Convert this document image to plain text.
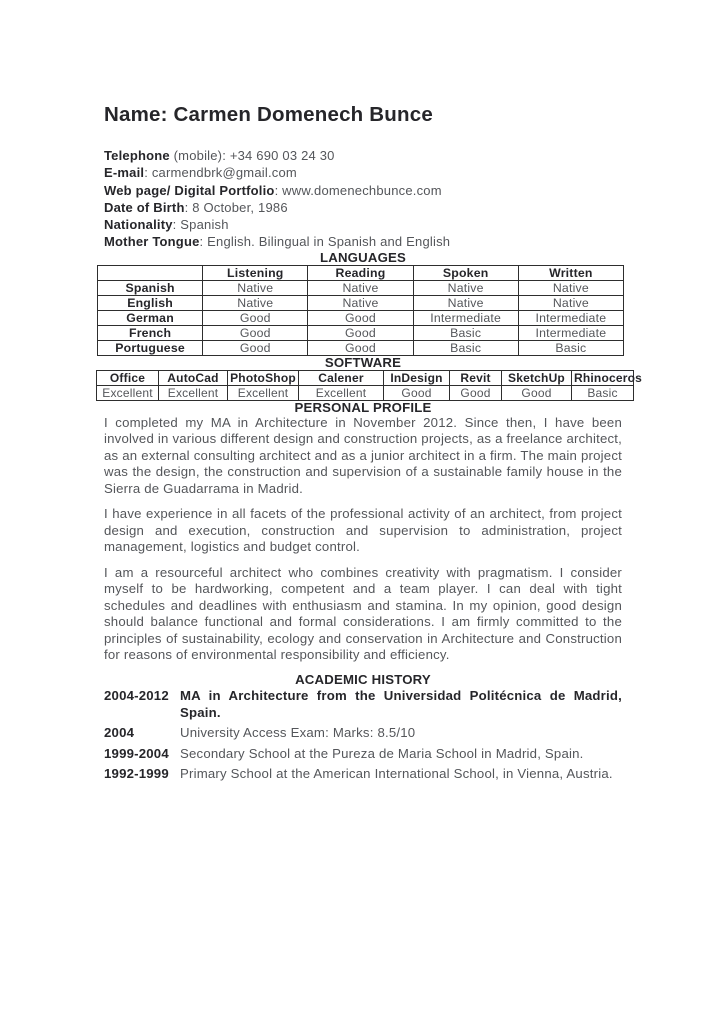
Name: Carmen Domenech Bunce
Telephone (mobile): +34 690 03 24 30
E-mail: carmendbrk@gmail.com
Web page/ Digital Portfolio: www.domenechbunce.com
Date of Birth: 8 October, 1986
Nationality: Spanish
Mother Tongue: English. Bilingual in Spanish and English
LANGUAGES
	Listening	Reading	Spoken	Written
Spanish	Native	Native	Native	Native
English	Native	Native	Native	Native
German	Good	Good	Intermediate	Intermediate
French	Good	Good	Basic	Intermediate
Portuguese	Good	Good	Basic	Basic
SOFTWARE
Office	AutoCad	PhotoShop	Calener	InDesign	Revit	SketchUp	Rhinoceros
Excellent	Excellent	Excellent	Excellent	Good	Good	Good	Basic
PERSONAL PROFILE

I completed my MA in Architecture in November 2012. Since then, I have been involved in various different design and construction projects, as a freelance architect, as an external consulting architect and as a junior architect in a firm. The main project was the design, the construction and supervision of a sustainable family house in the Sierra de Guadarrama in Madrid.

I have experience in all facets of the professional activity of an architect, from project design and execution, construction and supervision to administration, project management, logistics and budget control.

I am a resourceful architect who combines creativity with pragmatism. I consider myself to be hardworking, competent and a team player. I can deal with tight schedules and deadlines with enthusiasm and stamina. In my opinion, good design should balance functional and formal considerations. I am firmly committed to the principles of sustainability, ecology and conservation in Architecture and Construction for reasons of environmental responsibility and efficiency.

ACADEMIC HISTORY
2004-2012 MA in Architecture from the Universidad Politécnica de Madrid, Spain.
2004	University Access Exam: Marks: 8.5/10
1999-2004 Secondary School at the Pureza de Maria School in Madrid, Spain.
1992-1999 Primary School at the American International School, in Vienna, Austria.
